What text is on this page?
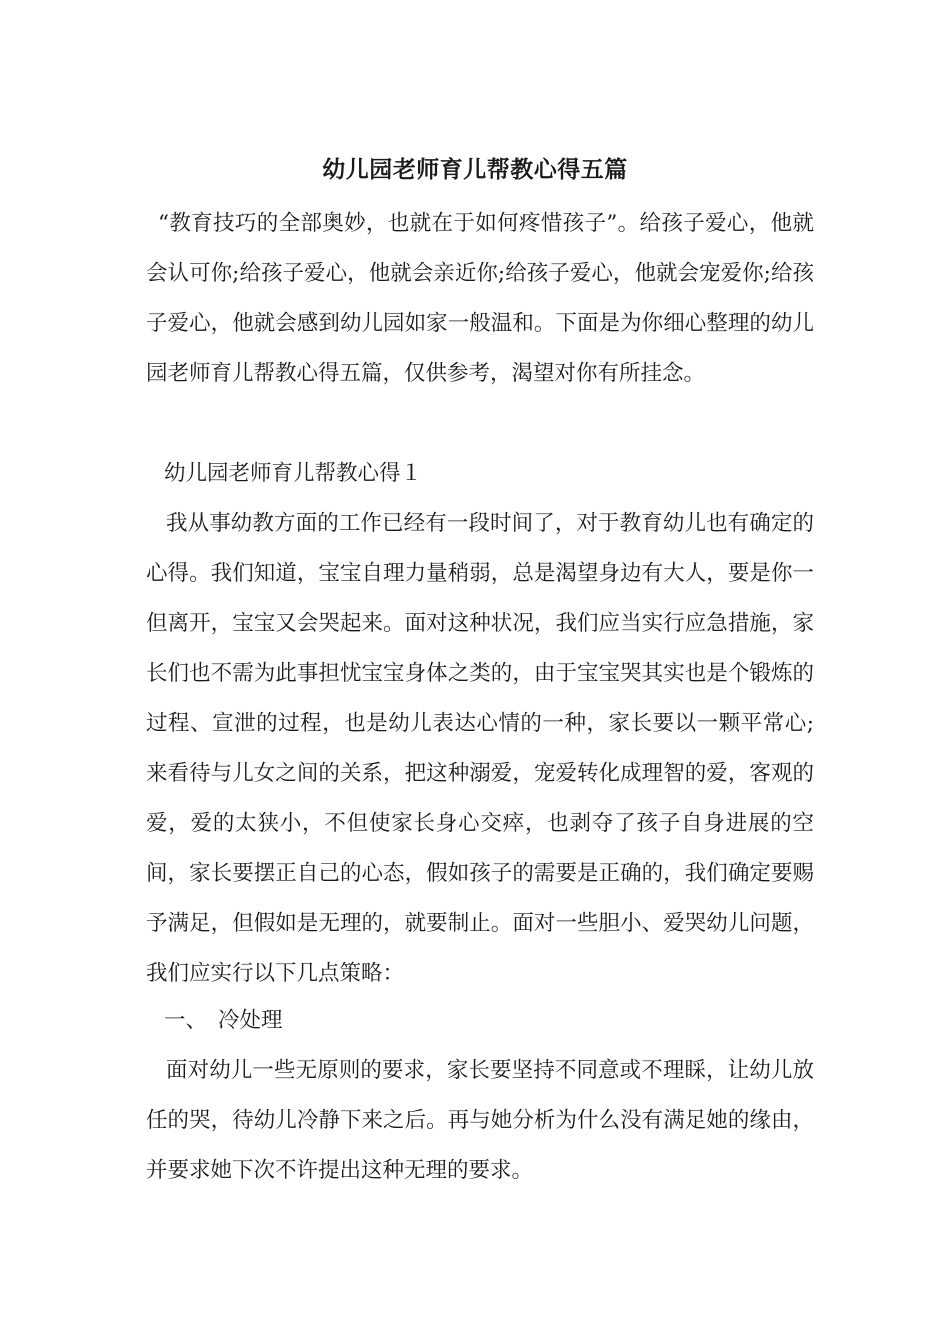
幼儿园老师育儿帮教心得五篇

“教育技巧的全部奥妙，也就在于如何疼惜孩子”。给孩子爱心，他就会认可你;给孩子爱心，他就会亲近你;给孩子爱心，他就会宠爱你;给孩子爱心，他就会感到幼儿园如家一般温和。下面是为你细心整理的幼儿园老师育儿帮教心得五篇，仅供参考，渴望对你有所挂念。

幼儿园老师育儿帮教心得１

我从事幼教方面的工作已经有一段时间了，对于教育幼儿也有确定的心得。我们知道，宝宝自理力量稍弱，总是渴望身边有大人，要是你一但离开，宝宝又会哭起来。面对这种状况，我们应当实行应急措施，家长们也不需为此事担忧宝宝身体之类的，由于宝宝哭其实也是个锻炼的过程、宣泄的过程，也是幼儿表达心情的一种，家长要以一颗平常心;来看待与儿女之间的关系，把这种溺爱，宠爱转化成理智的爱，客观的爱，爱的太狭小，不但使家长身心交瘁，也剥夺了孩子自身进展的空间，家长要摆正自己的心态，假如孩子的需要是正确的，我们确定要赐予满足，但假如是无理的，就要制止。面对一些胆小、爱哭幼儿问题，我们应实行以下几点策略：

一、 冷处理

面对幼儿一些无原则的要求，家长要坚持不同意或不理睬，让幼儿放任的哭，待幼儿冷静下来之后。再与她分析为什么没有满足她的缘由，并要求她下次不许提出这种无理的要求。
